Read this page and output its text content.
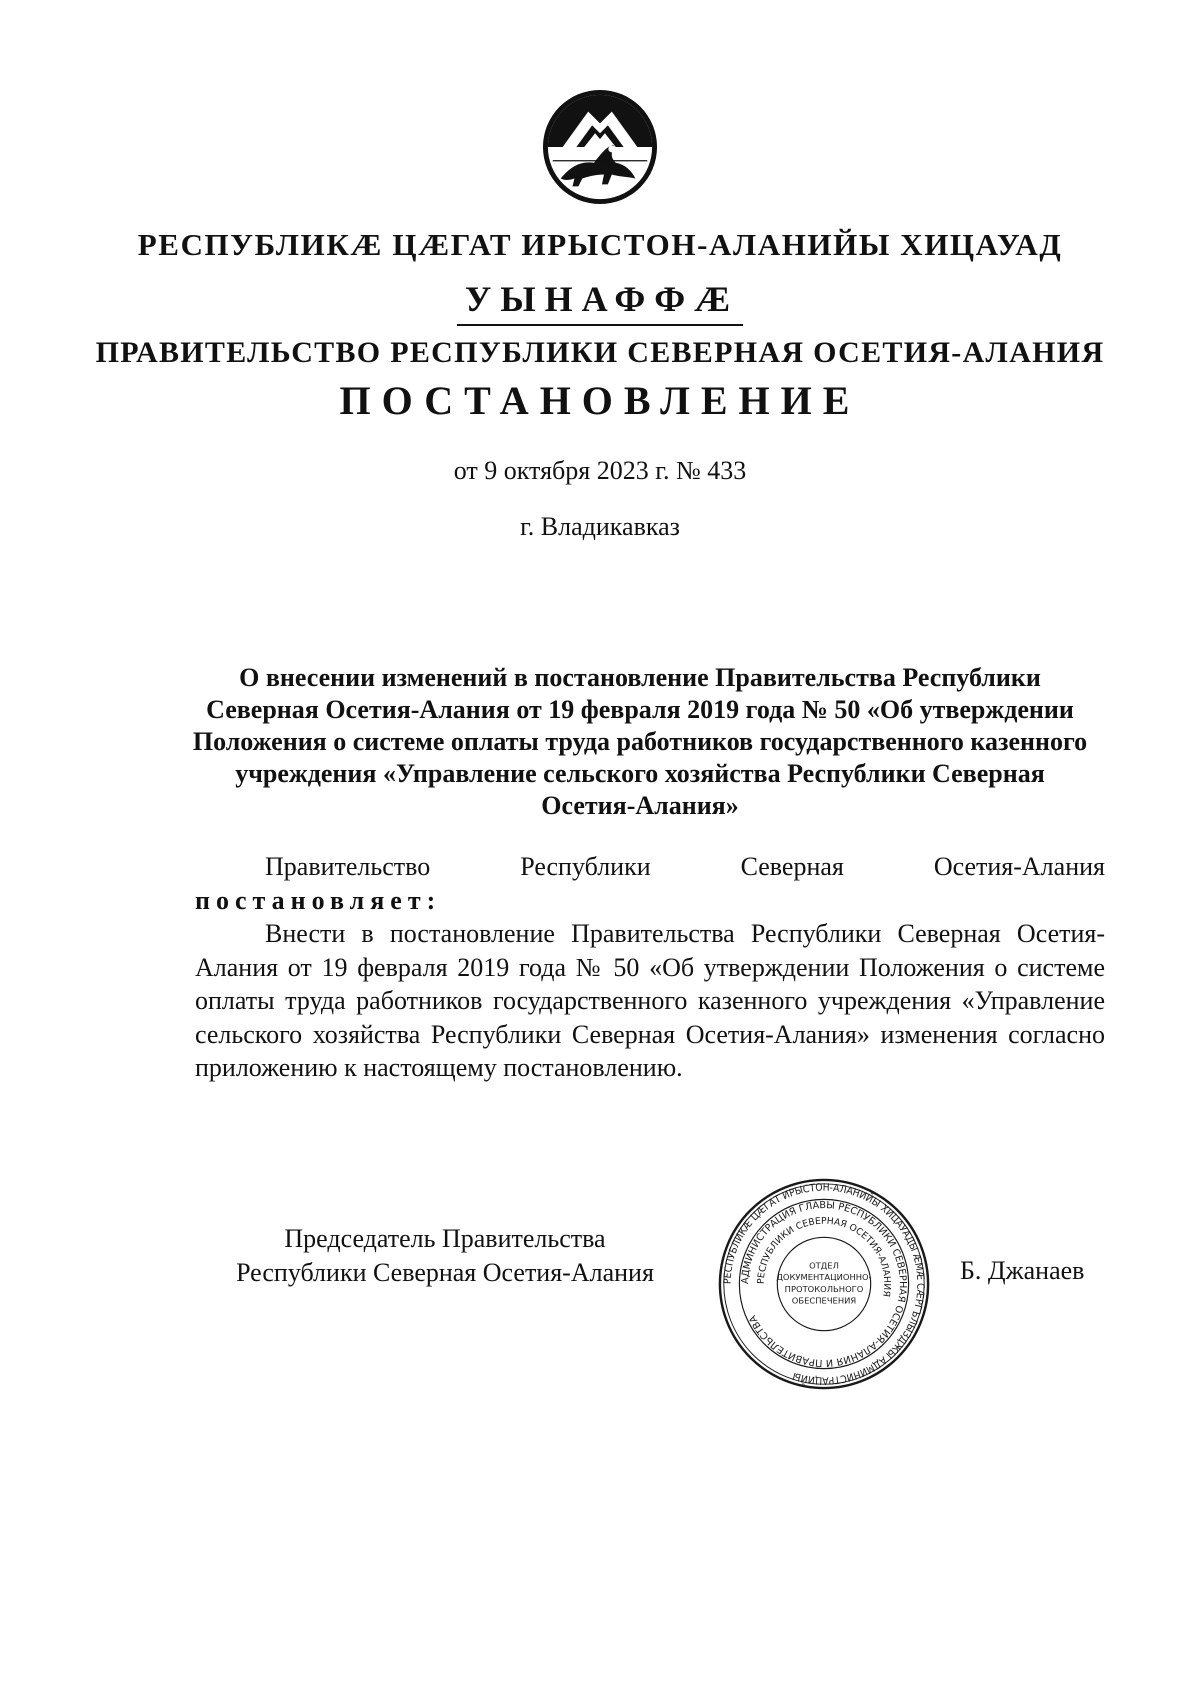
РЕСПУБЛИКӔ ЦӔГАТ ИРЫСТОН-АЛАНИЙЫ ХИЦАУАД
УЫНАФФӔ
ПРАВИТЕЛЬСТВО РЕСПУБЛИКИ СЕВЕРНАЯ ОСЕТИЯ-АЛАНИЯ
ПОСТАНОВЛЕНИЕ
от 9 октября 2023 г. № 433
г. Владикавказ
О внесении изменений в постановление Правительства Республики Северная Осетия-Алания от 19 февраля 2019 года № 50 «Об утверждении Положения о системе оплаты труда работников государственного казенного учреждения «Управление сельского хозяйства Республики Северная Осетия-Алания»

Правительство Республики Северная Осетия-Алания

постановляет:

Внести в постановление Правительства Республики Северная Осетия-Алания от 19 февраля 2019 года № 50 «Об утверждении Положения о системе оплаты труда работников государственного казенного учреждения «Управление сельского хозяйства Республики Северная Осетия-Алания» изменения согласно приложению к настоящему постановлению.

Председатель Правительства
Республики Северная Осетия-Алания	РЕСПУБЛИКӔ ЦӔГАТ ИРЫСТОН-АЛАНИЙЫ ХИЦАУАДЫ ӔМӔ СӔРГЪЛЫЗДЖЫ АДМИНИСТРАЦИЙЫ
АДМИНИСТРАЦИЯ ГЛАВЫ РЕСПУБЛИКИ СЕВЕРНАЯ ОСЕТИЯ-АЛАНИЯ И ПРАВИТЕЛЬСТВА
РЕСПУБЛИКИ СЕВЕРНАЯ ОСЕТИЯ-АЛАНИЯ
ОТДЕЛ
ДОКУМЕНТАЦИОННО-
ПРОТОКОЛЬНОГО
ОБЕСПЕЧЕНИЯ
Б. Джанаев
